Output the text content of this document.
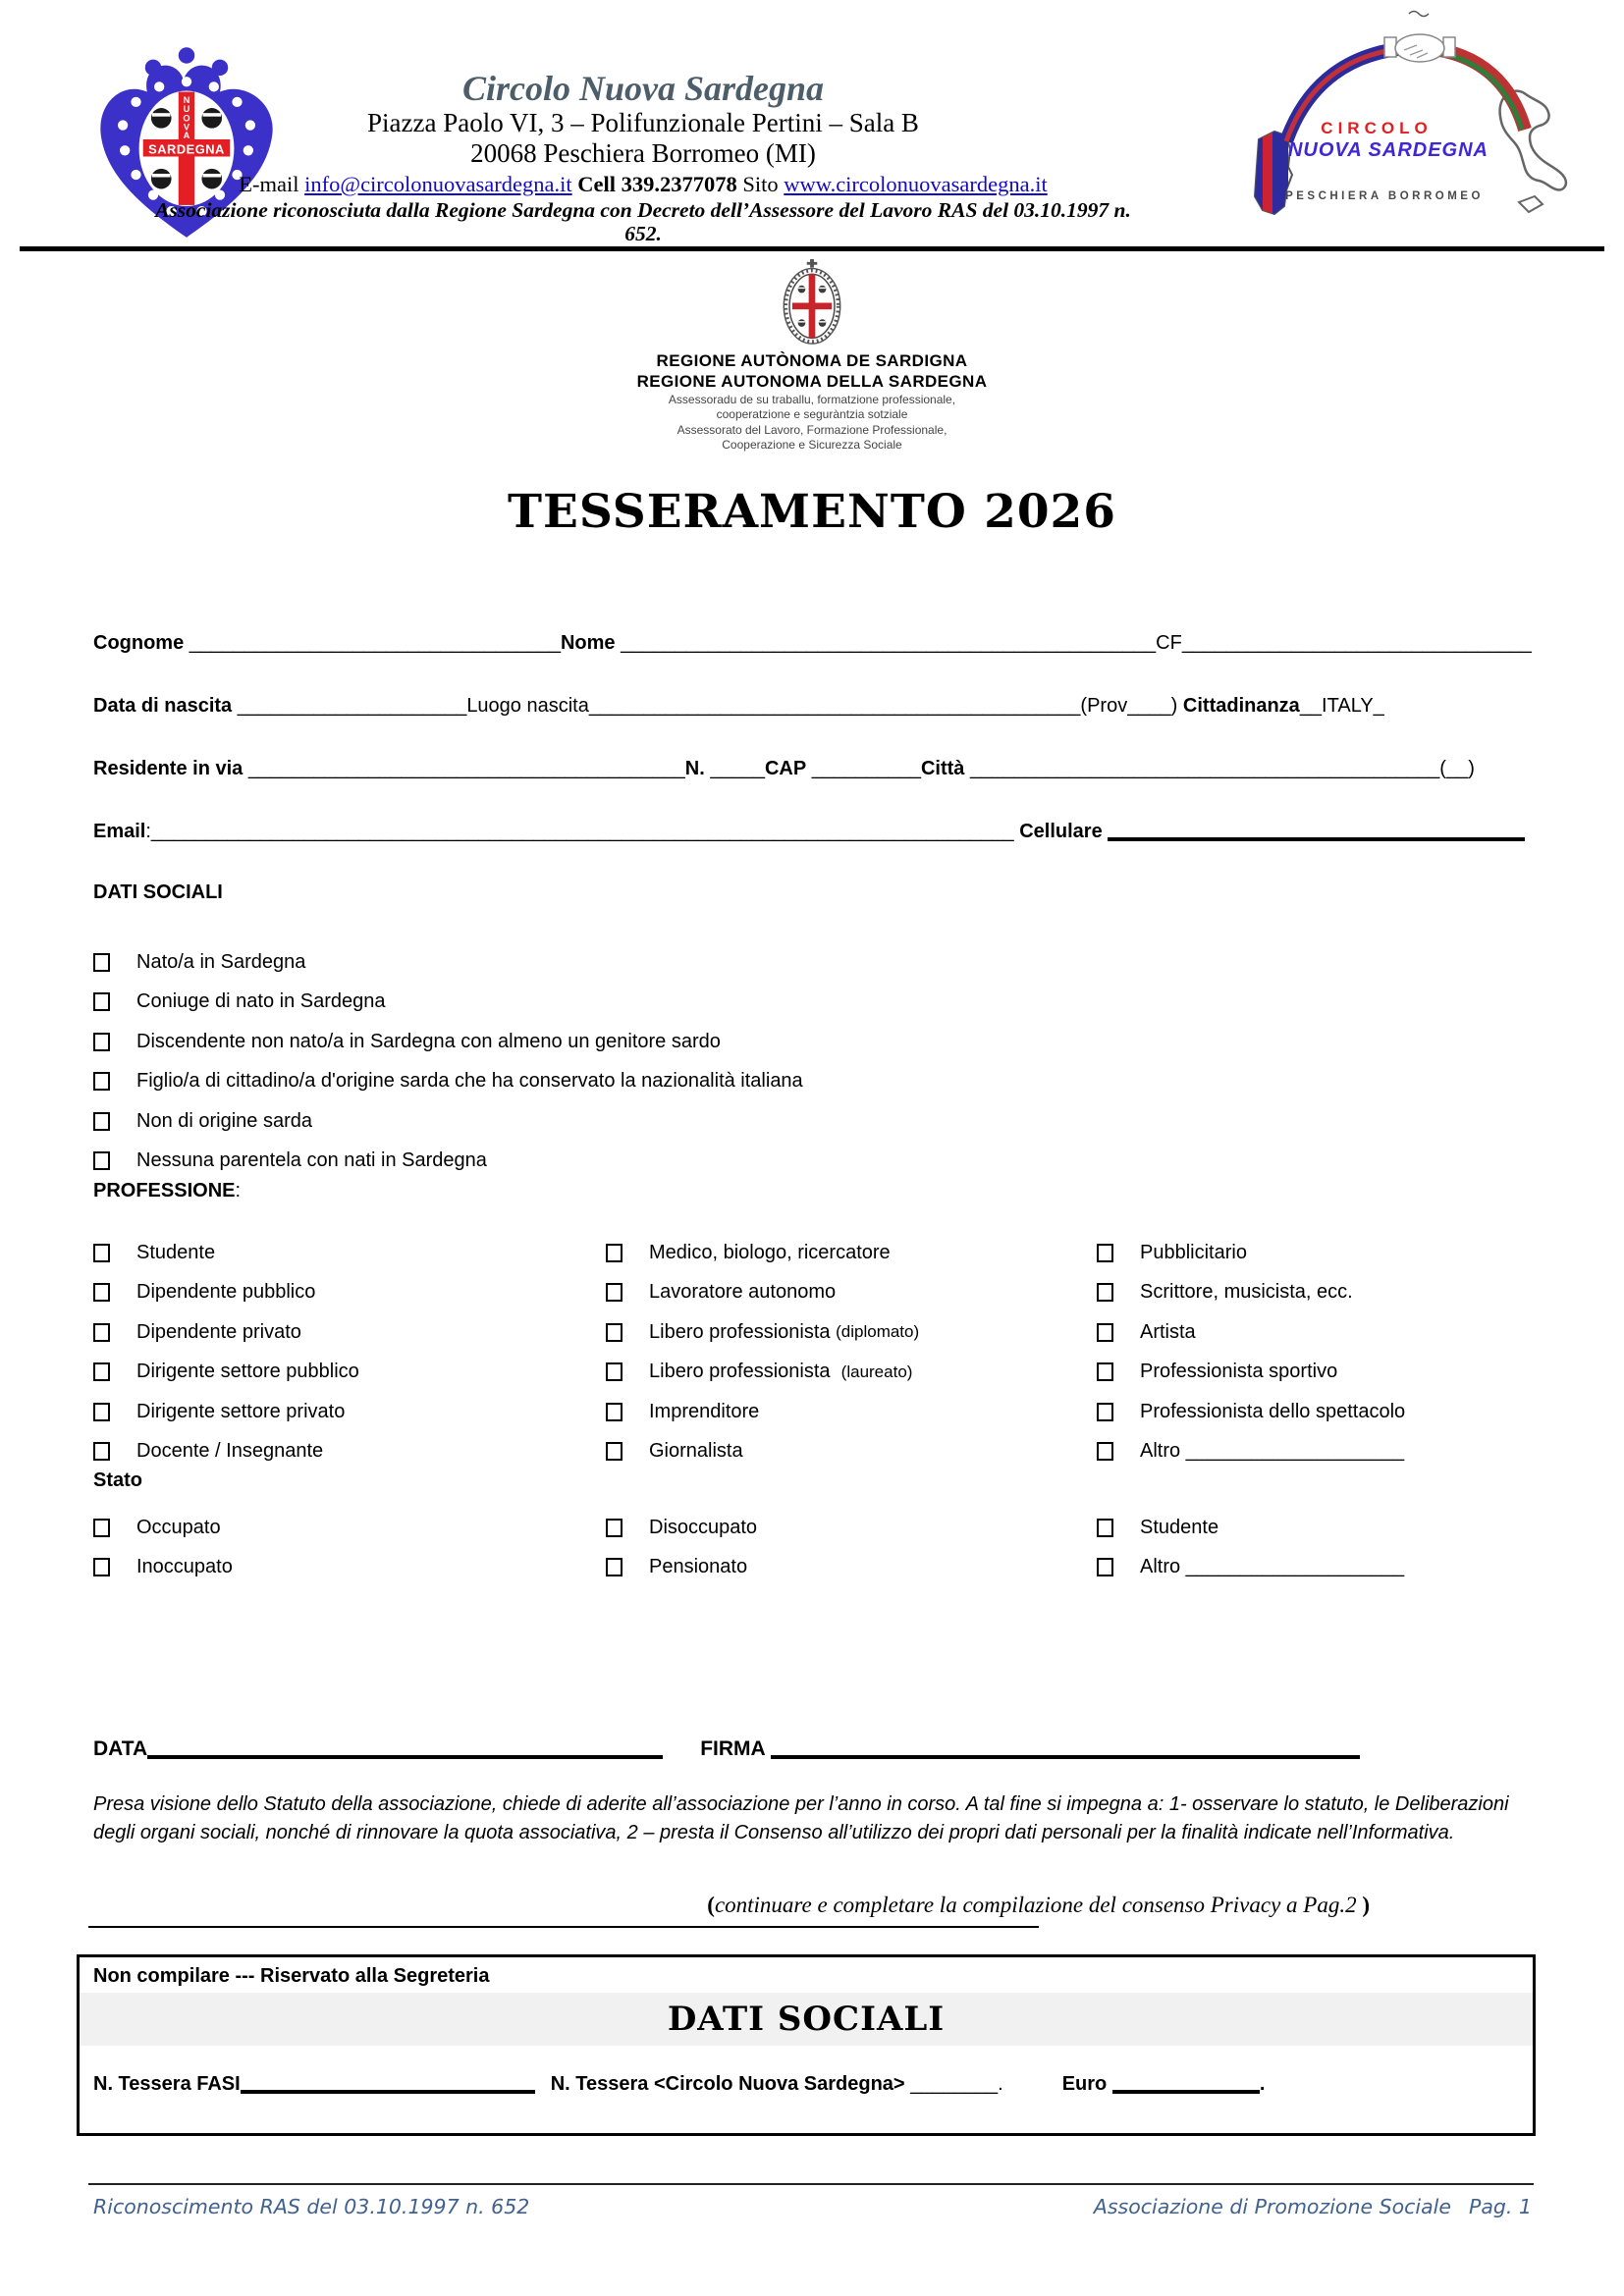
N
U
O
V
A
SARDEGNA
Circolo Nuova Sardegna
Piazza Paolo VI, 3 – Polifunzionale Pertini – Sala B
20068 Peschiera Borromeo (MI)
E-mail info@circolonuovasardegna.it Cell 339.2377078 Sito www.circolonuovasardegna.it
Associazione riconosciuta dalla Regione Sardegna con Decreto dell’Assessore del Lavoro RAS del 03.10.1997 n. 652.
CIRCOLO
NUOVA SARDEGNA
PESCHIERA BORROMEO
REGIONE AUTÒNOMA DE SARDIGNA
REGIONE AUTONOMA DELLA SARDEGNA
Assessoradu de su traballu, formatzione professionale,
cooperatzione e seguràntzia sotziale
Assessorato del Lavoro, Formazione Professionale,
Cooperazione e Sicurezza Sociale
TESSERAMENTO 2026
Cognome __________________________________Nome _________________________________________________CF________________________________
Data di nascita _____________________Luogo nascita_____________________________________________(Prov____) Cittadinanza__ITALY_
Residente in via ________________________________________N. _____CAP __________Città ___________________________________________(__)
Email:_______________________________________________________________________________ Cellulare
DATI SOCIALI
Nato/a in Sardegna
Coniuge di nato in Sardegna
Discendente non nato/a in Sardegna con almeno un genitore sardo
Figlio/a di cittadino/a d'origine sarda che ha conservato la nazionalità italiana
Non di origine sarda
Nessuna parentela con nati in Sardegna
PROFESSIONE:
Studente
Dipendente pubblico
Dipendente privato
Dirigente settore pubblico
Dirigente settore privato
Docente / Insegnante
Medico, biologo, ricercatore
Lavoratore autonomo
Libero professionista (diplomato)
Libero professionista (laureato)
Imprenditore
Giornalista
Pubblicitario
Scrittore, musicista, ecc.
Artista
Professionista sportivo
Professionista dello spettacolo
Altro ____________________
Stato
Occupato
Inoccupato
Disoccupato
Pensionato
Studente
Altro ____________________
DATA	FIRMA
Presa visione dello Statuto della associazione, chiede di aderite all’associazione per l’anno in corso. A tal fine si impegna a: 1- osservare lo statuto, le Deliberazioni degli organi sociali, nonché di rinnovare la quota associativa, 2 – presta il Consenso all’utilizzo dei propri dati personali per la finalità indicate nell’Informativa.
(continuare e completare la compilazione del consenso Privacy a Pag.2 )
Non compilare --- Riservato alla Segreteria
DATI SOCIALI
N. Tessera FASI	N. Tessera <Circolo Nuova Sardegna> ________.	Euro	.
Riconoscimento RAS del 03.10.1997 n. 652	Associazione di Promozione Sociale Pag. 1
